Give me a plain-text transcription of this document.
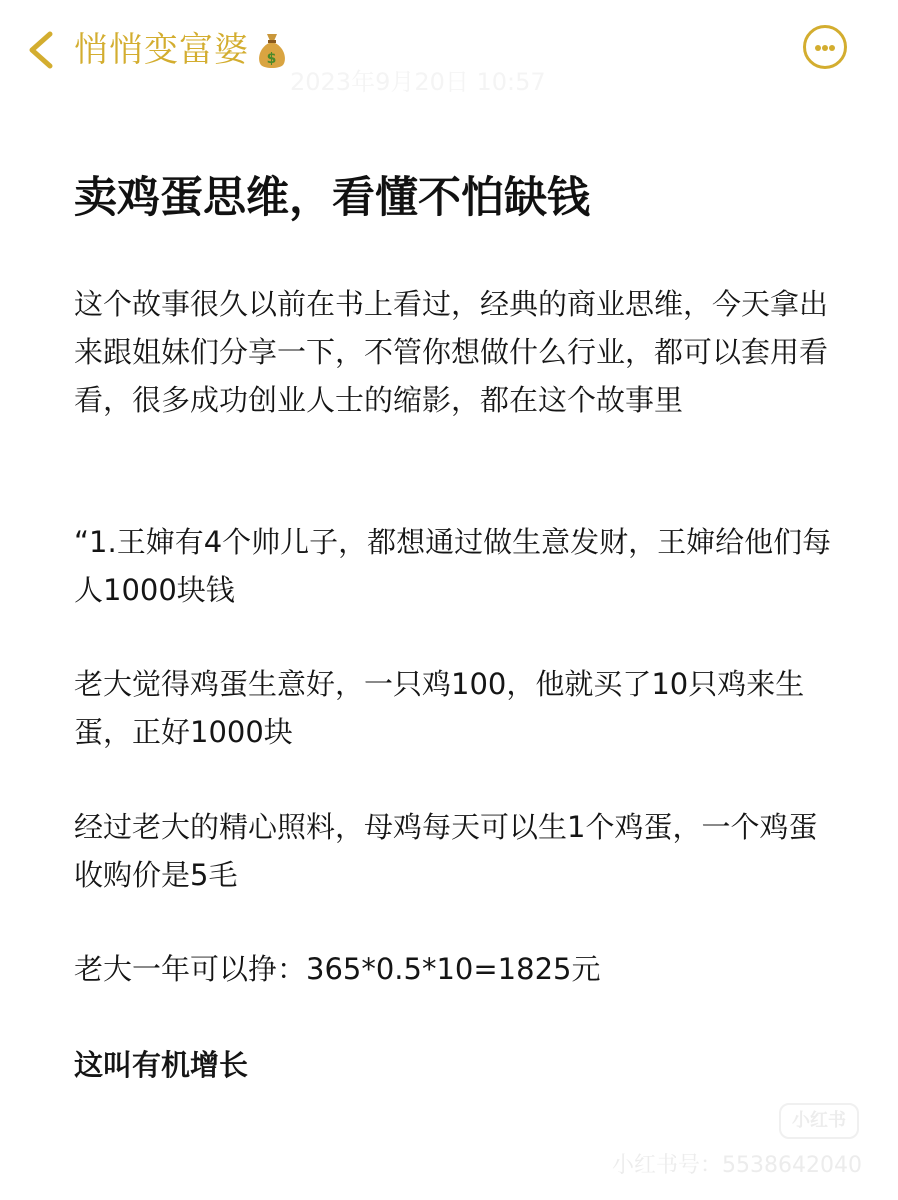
悄悄变富婆 $
2023年9月20日 10:57
卖鸡蛋思维，看懂不怕缺钱

这个故事很久以前在书上看过，经典的商业思维，今天拿出来跟姐妹们分享一下，不管你想做什么行业，都可以套用看看，很多成功创业人士的缩影，都在这个故事里

“1.王婶有4个帅儿子，都想通过做生意发财，王婶给他们每人1000块钱

老大觉得鸡蛋生意好，一只鸡100，他就买了10只鸡来生蛋，正好1000块

经过老大的精心照料，母鸡每天可以生1个鸡蛋，一个鸡蛋收购价是5毛

老大一年可以挣：365*0.5*10=1825元

这叫有机增长

小红书
小红书号：5538642040
